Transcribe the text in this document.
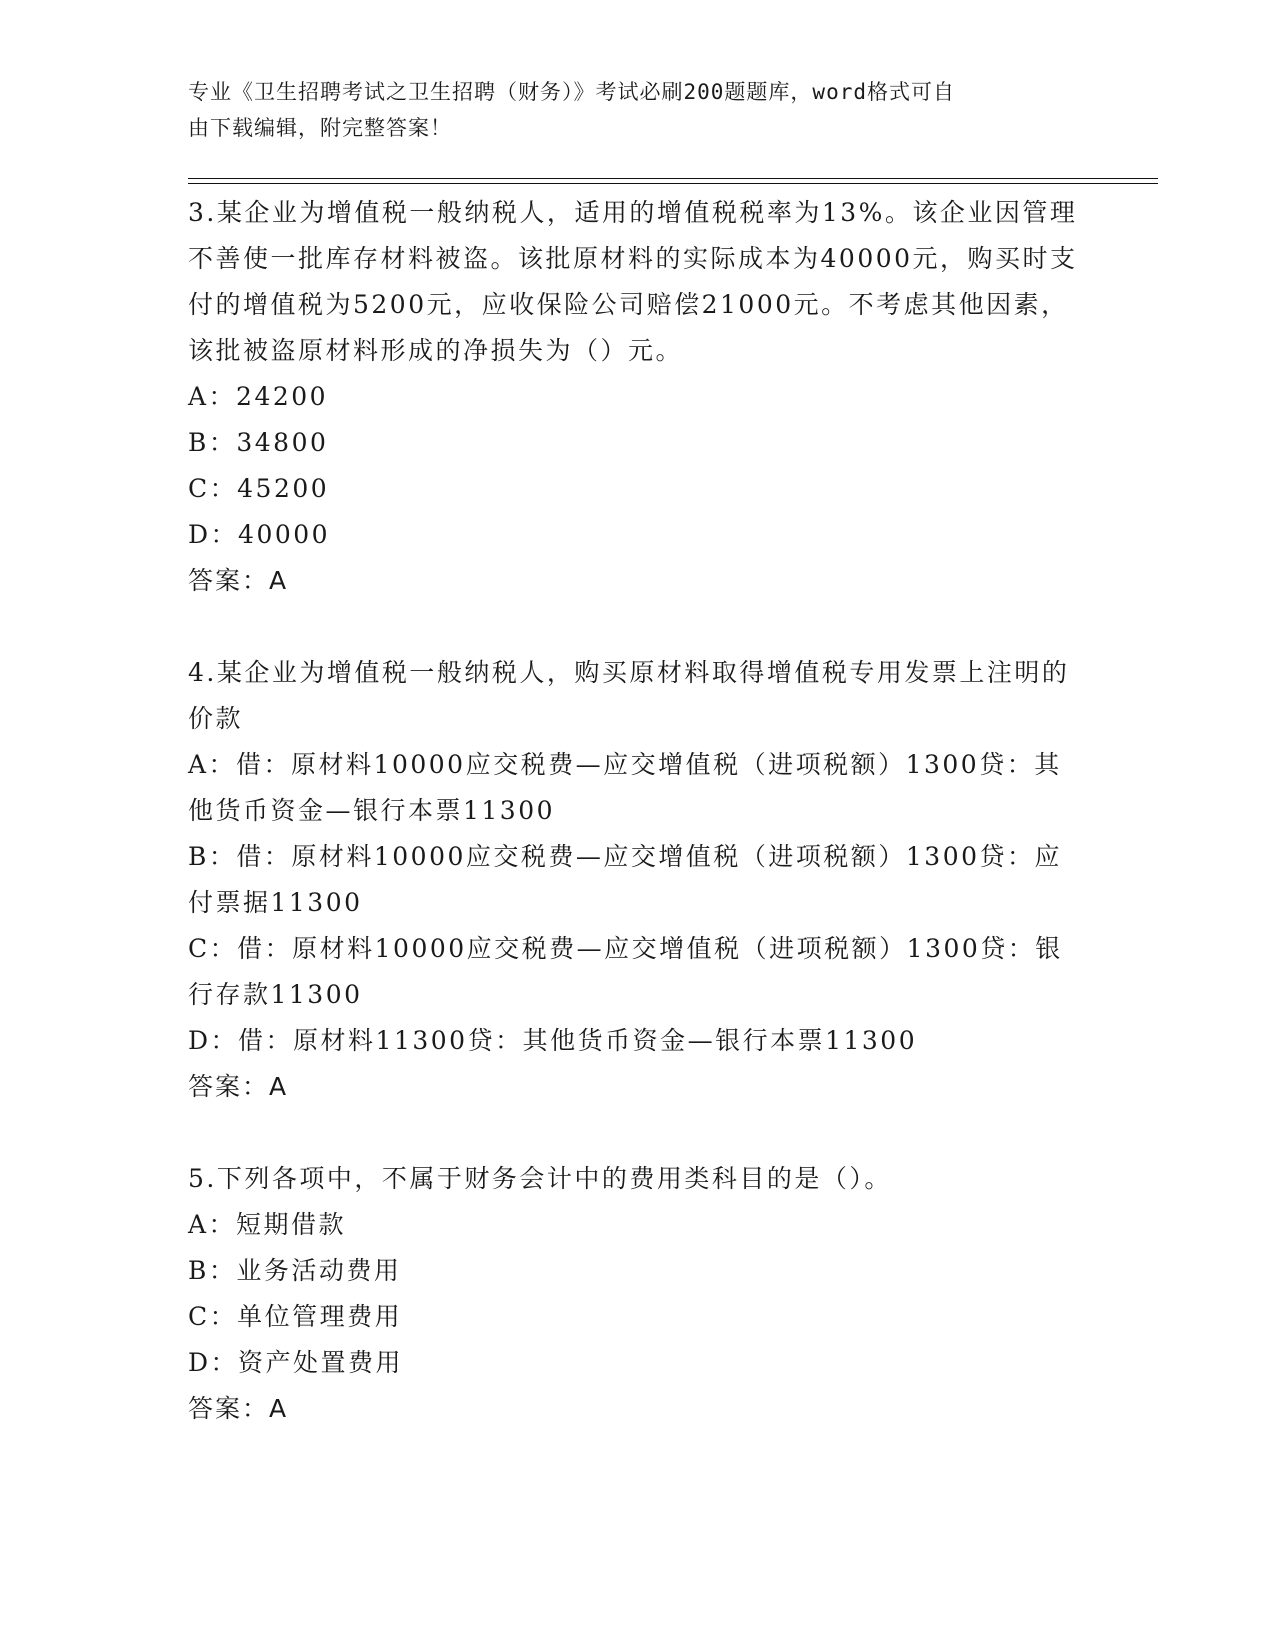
专业《卫生招聘考试之卫生招聘（财务）》考试必刷200题题库，word格式可自
由下载编辑，附完整答案！
3.某企业为增值税一般纳税人，适用的增值税税率为13%。该企业因管理不善使一批库存材料被盗。该批原材料的实际成本为40000元，购买时支付的增值税为5200元，应收保险公司赔偿21000元。不考虑其他因素，该批被盗原材料形成的净损失为（）元。
A：24200
B：34800
C：45200
D：40000
答案：A
4.某企业为增值税一般纳税人，购买原材料取得增值税专用发票上注明的价款
A：借：原材料10000应交税费—应交增值税（进项税额）1300贷：其他货币资金—银行本票11300
B：借：原材料10000应交税费—应交增值税（进项税额）1300贷：应付票据11300
C：借：原材料10000应交税费—应交增值税（进项税额）1300贷：银行存款11300
D：借：原材料11300贷：其他货币资金—银行本票11300
答案：A
5.下列各项中，不属于财务会计中的费用类科目的是（）。
A：短期借款
B：业务活动费用
C：单位管理费用
D：资产处置费用
答案：A
